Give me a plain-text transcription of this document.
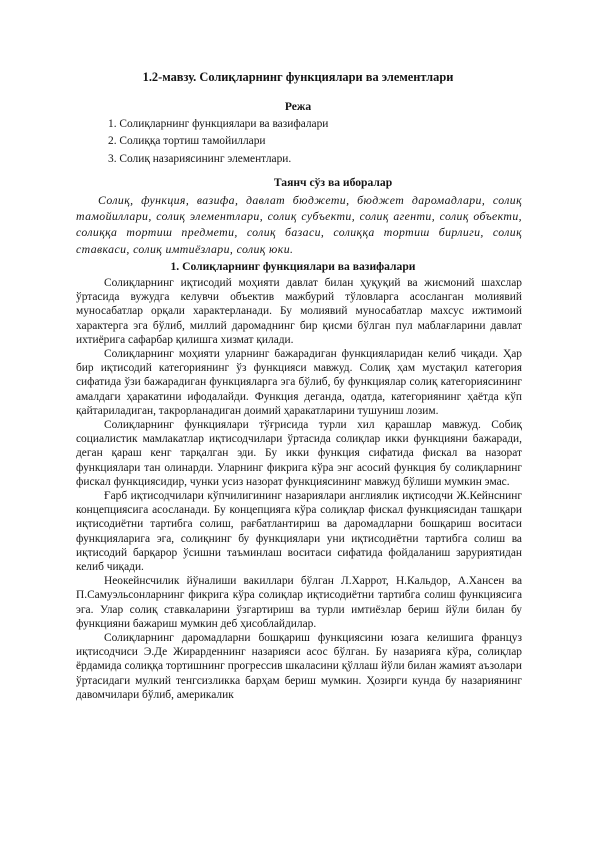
1.2-мавзу. Солиқларнинг функциялари ва элементлари
Режа
1. Солиқларнинг функциялари ва вазифалари
2. Солиққа тортиш тамойиллари
3. Солиқ назариясининг элементлари.
Таянч сўз ва иборалар

Солиқ, функция, вазифа, давлат бюджети, бюджет даромадлари, солиқ тамойиллари, солиқ элементлари, солиқ субъекти, солиқ агенти, солиқ объекти, солиққа тортиш предмети, солиқ базаси, солиққа тортиш бирлиги, солиқ ставкаси, солиқ имтиёзлари, солиқ юки.

1. Солиқларнинг функциялари ва вазифалари

Солиқларнинг иқтисодий моҳияти давлат билан ҳуқуқий ва жисмоний шахслар ўртасида вужудга келувчи объектив мажбурий тўловларга асосланган молиявий муносабатлар орқали характерланади. Бу молиявий муносабатлар махсус ижтимоий характерга эга бўлиб, миллий даромаднинг бир қисми бўлган пул маблағларини давлат ихтиёрига сафарбар қилишга хизмат қилади.

Солиқларнинг моҳияти уларнинг бажарадиган функцияларидан келиб чиқади. Ҳар бир иқтисодий категориянинг ўз функцияси мавжуд. Солиқ ҳам мустақил категория сифатида ўзи бажарадиган функцияларга эга бўлиб, бу функциялар солиқ категориясининг амалдаги ҳаракатини ифодалайди. Функция деганда, одатда, категориянинг ҳаётда кўп қайтариладиган, такрорланадиган доимий ҳаракатларини тушуниш лозим.

Солиқларнинг функциялари тўғрисида турли хил қарашлар мавжуд. Собиқ социалистик мамлакатлар иқтисодчилари ўртасида солиқлар икки функцияни бажаради, деган қараш кенг тарқалган эди. Бу икки функция сифатида фискал ва назорат функциялари тан олинарди. Уларнинг фикрига кўра энг асосий функция бу солиқларнинг фискал функциясидир, чунки усиз назорат функциясининг мавжуд бўлиши мумкин эмас.

Ғарб иқтисодчилари кўпчилигининг назариялари англиялик иқтисодчи Ж.Кейнснинг концепциясига асосланади. Бу концепцияга кўра солиқлар фискал функциясидан ташқари иқтисодиётни тартибга солиш, рағбатлантириш ва даромадларни бошқариш воситаси функцияларига эга, солиқнинг бу функциялари уни иқтисодиётни тартибга солиш ва иқтисодий барқарор ўсишни таъминлаш воситаси сифатида фойдаланиш заруриятидан келиб чиқади.

Неокейнсчилик йўналиши вакиллари бўлган Л.Харрот, Н.Кальдор, А.Хансен ва П.Самуэльсонларнинг фикрига кўра солиқлар иқтисодиётни тартибга солиш функциясига эга. Улар солиқ ставкаларини ўзгартириш ва турли имтиёзлар бериш йўли билан бу функцияни бажариш мумкин деб ҳисоблайдилар.

Солиқларнинг даромадларни бошқариш функциясини юзага келишига француз иқтисодчиси Э.Де Жирарденнинг назарияси асос бўлган. Бу назарияга кўра, солиқлар ёрдамида солиққа тортишнинг прогрессив шкаласини қўллаш йўли билан жамият аъзолари ўртасидаги мулкий тенгсизликка барҳам бериш мумкин. Ҳозирги кунда бу назариянинг давомчилари бўлиб, америкалик
